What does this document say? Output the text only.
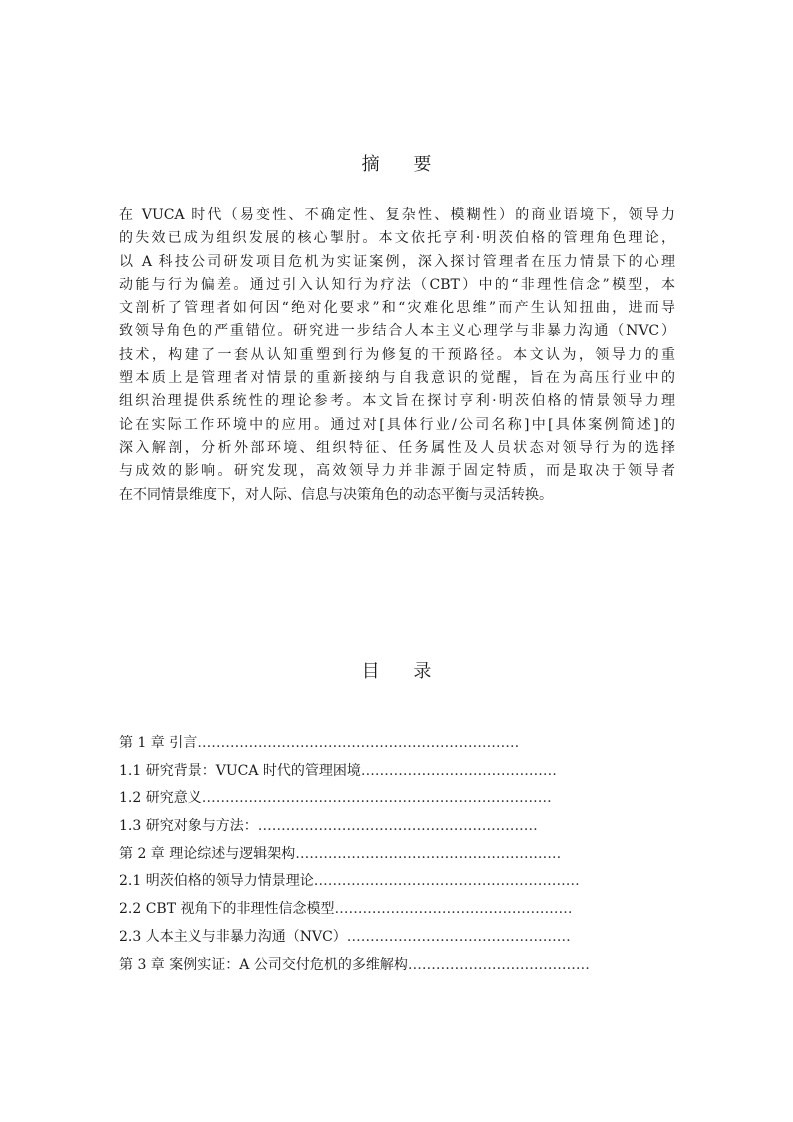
摘 要
在 VUCA 时代（易变性、不确定性、复杂性、模糊性）的商业语境下，领导力
的失效已成为组织发展的核心掣肘。本文依托亨利·明茨伯格的管理角色理论，
以 A 科技公司研发项目危机为实证案例，深入探讨管理者在压力情景下的心理
动能与行为偏差。通过引入认知行为疗法（CBT）中的“非理性信念”模型，本
文剖析了管理者如何因“绝对化要求”和“灾难化思维”而产生认知扭曲，进而导
致领导角色的严重错位。研究进一步结合人本主义心理学与非暴力沟通（NVC）
技术，构建了一套从认知重塑到行为修复的干预路径。本文认为，领导力的重
塑本质上是管理者对情景的重新接纳与自我意识的觉醒，旨在为高压行业中的
组织治理提供系统性的理论参考。本文旨在探讨亨利·明茨伯格的情景领导力理
论在实际工作环境中的应用。通过对[具体行业/公司名称]中[具体案例简述]的
深入解剖，分析外部环境、组织特征、任务属性及人员状态对领导行为的选择
与成效的影响。研究发现，高效领导力并非源于固定特质，而是取决于领导者
在不同情景维度下，对人际、信息与决策角色的动态平衡与灵活转换。
目 录
第 1 章 引言……………………………………………………………
1.1 研究背景：VUCA 时代的管理困境……………………………………
1.2 研究意义…………………………………………………………………
1.3 研究对象与方法：……………………………………………………
第 2 章 理论综述与逻辑架构…………………………………………………
2.1 明茨伯格的领导力情景理论…………………………………………………
2.2 CBT 视角下的非理性信念模型……………………………………………
2.3 人本主义与非暴力沟通（NVC）…………………………………………
第 3 章 案例实证：A 公司交付危机的多维解构…………………………………
